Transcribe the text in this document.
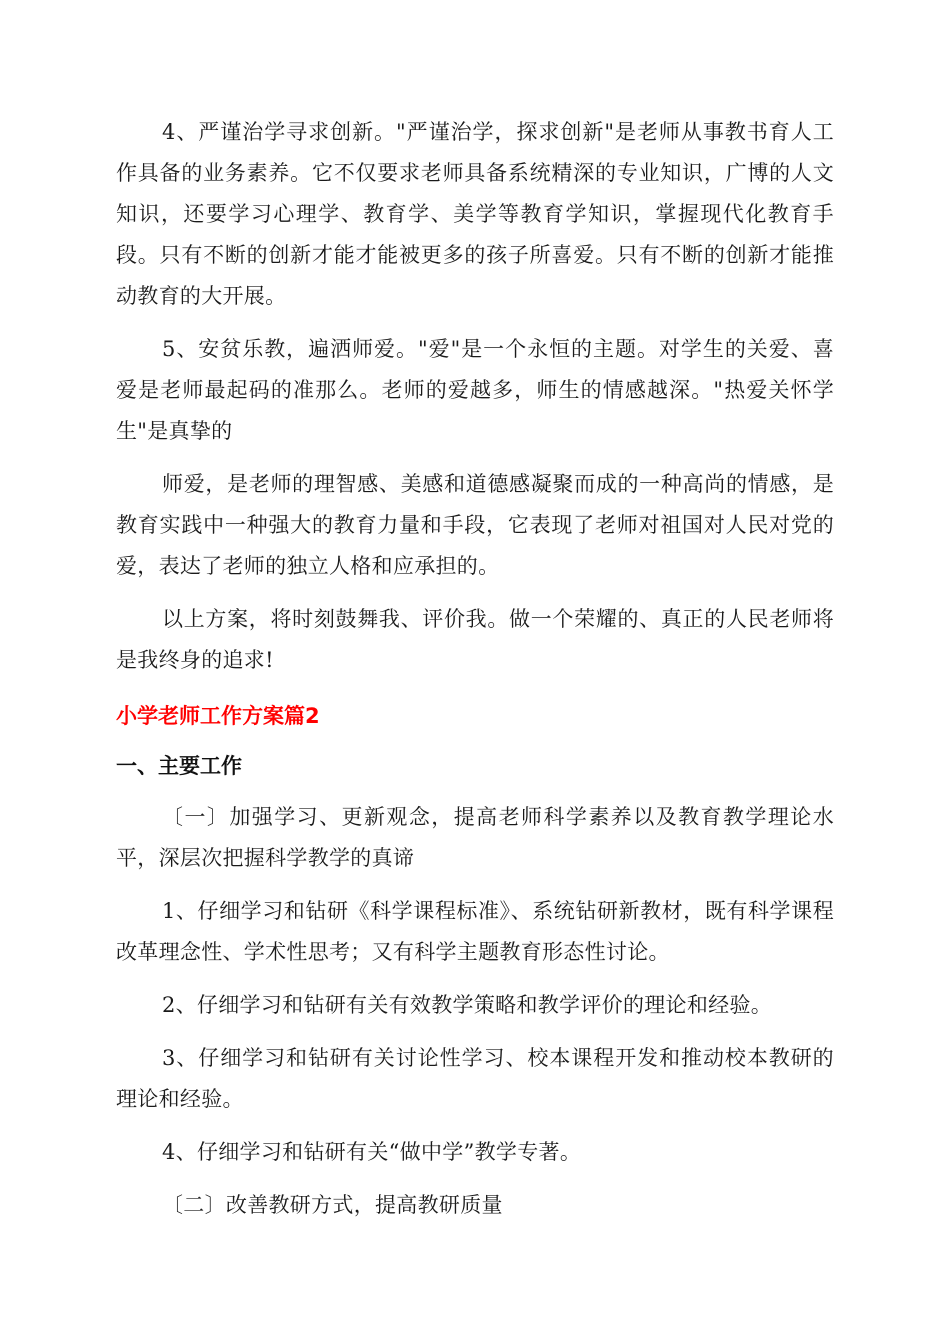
4、严谨治学寻求创新。"严谨治学，探求创新"是老师从事教书育人工作具备的业务素养。它不仅要求老师具备系统精深的专业知识，广博的人文知识，还要学习心理学、教育学、美学等教育学知识，掌握现代化教育手段。只有不断的创新才能才能被更多的孩子所喜爱。只有不断的创新才能推动教育的大开展。

5、安贫乐教，遍洒师爱。"爱"是一个永恒的主题。对学生的关爱、喜爱是老师最起码的准那么。老师的爱越多，师生的情感越深。"热爱关怀学生"是真挚的

师爱，是老师的理智感、美感和道德感凝聚而成的一种高尚的情感，是教育实践中一种强大的教育力量和手段，它表现了老师对祖国对人民对党的爱，表达了老师的独立人格和应承担的。

以上方案，将时刻鼓舞我、评价我。做一个荣耀的、真正的人民老师将是我终身的追求!

小学老师工作方案篇2
一、主要工作

〔一〕加强学习、更新观念，提高老师科学素养以及教育教学理论水平，深层次把握科学教学的真谛

1、仔细学习和钻研《科学课程标准》、系统钻研新教材，既有科学课程改革理念性、学术性思考；又有科学主题教育形态性讨论。

2、仔细学习和钻研有关有效教学策略和教学评价的理论和经验。

3、仔细学习和钻研有关讨论性学习、校本课程开发和推动校本教研的理论和经验。

4、仔细学习和钻研有关“做中学”教学专著。

〔二〕改善教研方式，提高教研质量
